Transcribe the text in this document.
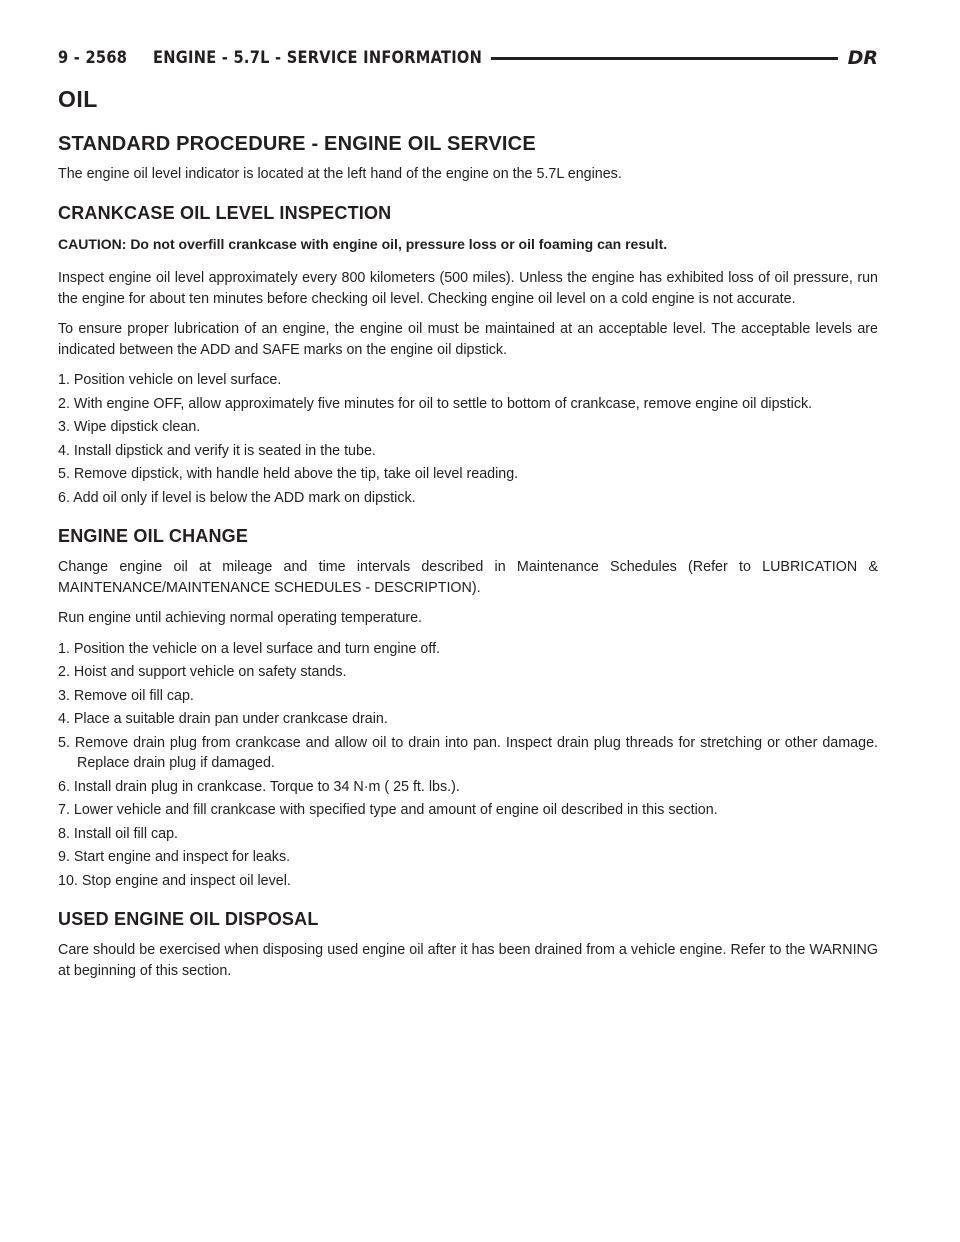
9 - 2568	ENGINE - 5.7L - SERVICE INFORMATION	DR
OIL
STANDARD PROCEDURE - ENGINE OIL SERVICE

The engine oil level indicator is located at the left hand of the engine on the 5.7L engines.

CRANKCASE OIL LEVEL INSPECTION

CAUTION: Do not overfill crankcase with engine oil, pressure loss or oil foaming can result.

Inspect engine oil level approximately every 800 kilometers (500 miles). Unless the engine has exhibited loss of oil pressure, run the engine for about ten minutes before checking oil level. Checking engine oil level on a cold engine is not accurate.

To ensure proper lubrication of an engine, the engine oil must be maintained at an acceptable level. The acceptable levels are indicated between the ADD and SAFE marks on the engine oil dipstick.

1. Position vehicle on level surface.
2. With engine OFF, allow approximately five minutes for oil to settle to bottom of crankcase, remove engine oil dipstick.
3. Wipe dipstick clean.
4. Install dipstick and verify it is seated in the tube.
5. Remove dipstick, with handle held above the tip, take oil level reading.
6. Add oil only if level is below the ADD mark on dipstick.
ENGINE OIL CHANGE

Change engine oil at mileage and time intervals described in Maintenance Schedules (Refer to LUBRICATION & MAINTENANCE/MAINTENANCE SCHEDULES - DESCRIPTION).

Run engine until achieving normal operating temperature.

1. Position the vehicle on a level surface and turn engine off.
2. Hoist and support vehicle on safety stands.
3. Remove oil fill cap.
4. Place a suitable drain pan under crankcase drain.
5. Remove drain plug from crankcase and allow oil to drain into pan. Inspect drain plug threads for stretching or other damage. Replace drain plug if damaged.
6. Install drain plug in crankcase. Torque to 34 N·m ( 25 ft. lbs.).
7. Lower vehicle and fill crankcase with specified type and amount of engine oil described in this section.
8. Install oil fill cap.
9. Start engine and inspect for leaks.
10. Stop engine and inspect oil level.
USED ENGINE OIL DISPOSAL

Care should be exercised when disposing used engine oil after it has been drained from a vehicle engine. Refer to the WARNING at beginning of this section.
